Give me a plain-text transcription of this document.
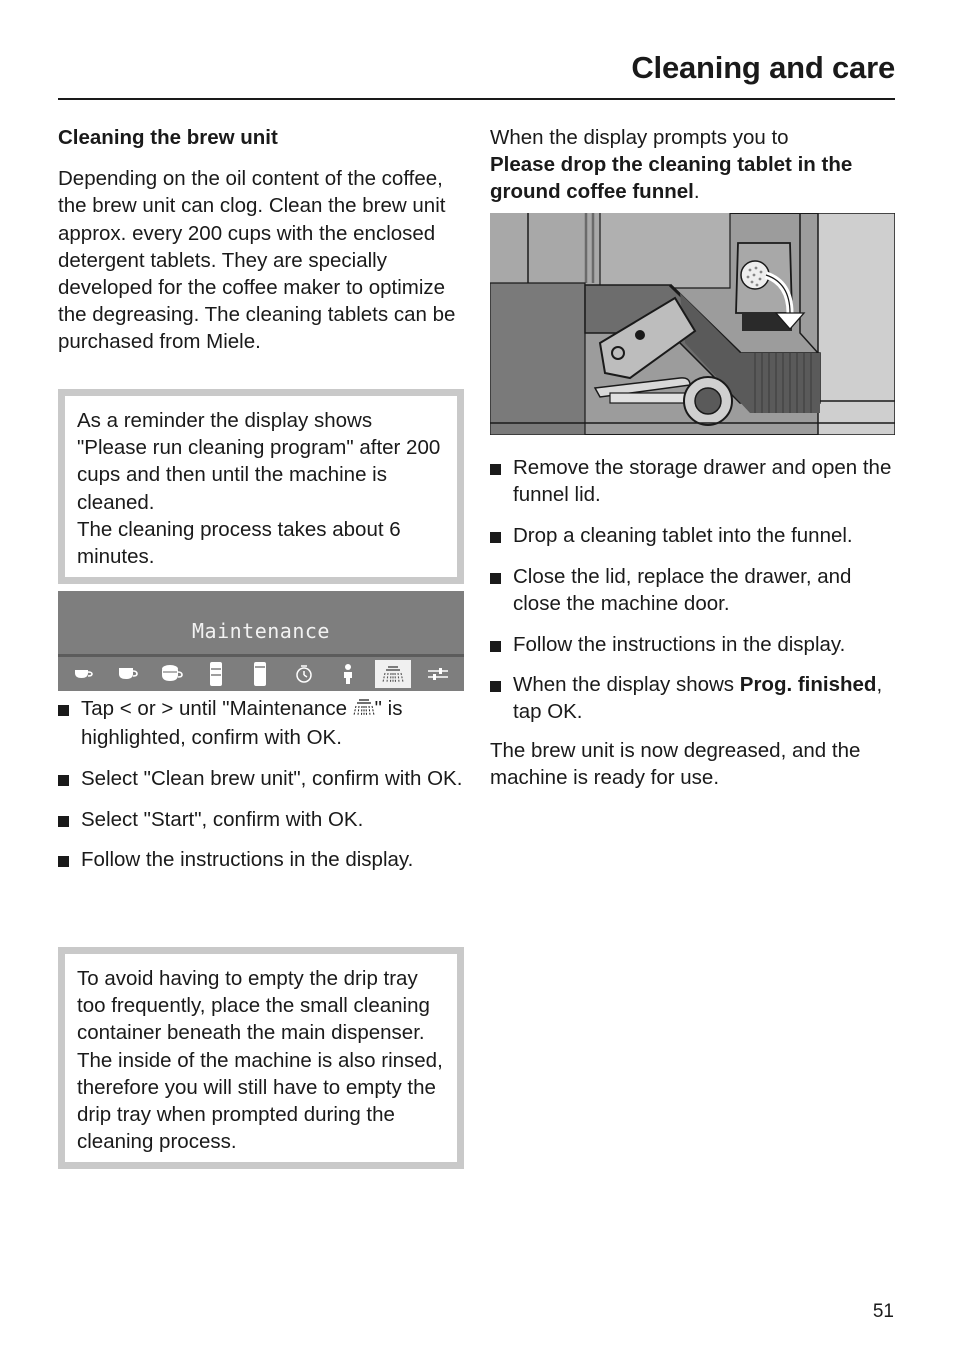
Cleaning and care
Cleaning the brew unit

Depending on the oil content of the coffee, the brew unit can clog. Clean the brew unit approx. every 200 cups with the enclosed detergent tablets. They are specially developed for the coffee maker to optimize the degreasing. The cleaning tablets can be purchased from Miele.

As a reminder the display shows "Please run cleaning program" after 200 cups and then until the machine is cleaned.

The cleaning process takes about 6 minutes.

Maintenance
Tap < or > until "Maintenance " is highlighted, confirm with OK.
Select "Clean brew unit", confirm with OK.
Select "Start", confirm with OK.
Follow the instructions in the display.

To avoid having to empty the drip tray too frequently, place the small cleaning container beneath the main dispenser.

The inside of the machine is also rinsed, therefore you will still have to empty the drip tray when prompted during the cleaning process.

When the display prompts you to
Please drop the cleaning tablet in the ground coffee funnel.

Remove the storage drawer and open the funnel lid.
Drop a cleaning tablet into the funnel.
Close the lid, replace the drawer, and close the machine door.
Follow the instructions in the display.
When the display shows Prog. finished, tap OK.

The brew unit is now degreased, and the machine is ready for use.

51
